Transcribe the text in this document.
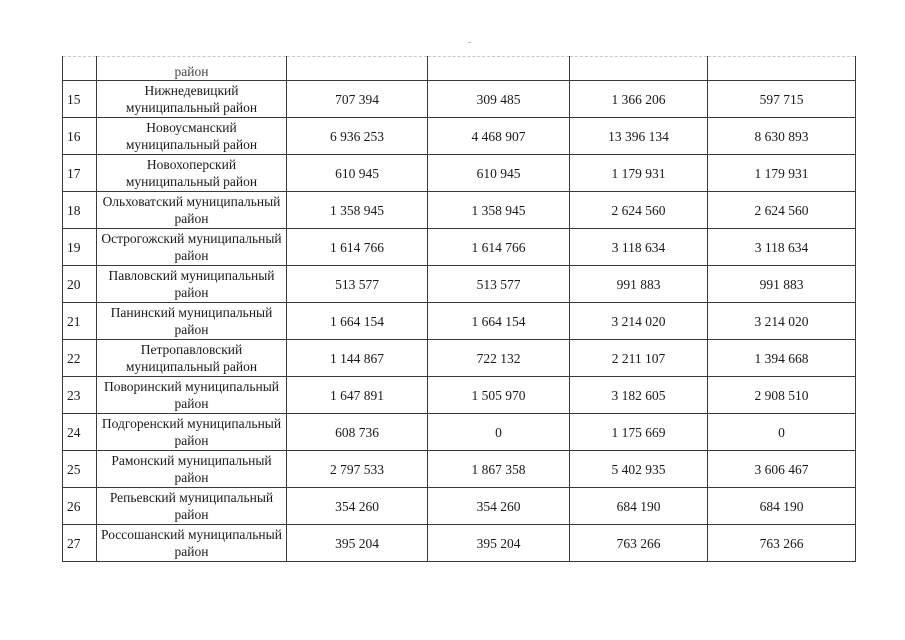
	район				
15	Нижнедевицкий муниципальный район	707 394	309 485	1 366 206	597 715
16	Новоусманский муниципальный район	6 936 253	4 468 907	13 396 134	8 630 893
17	Новохоперский муниципальный район	610 945	610 945	1 179 931	1 179 931
18	Ольховатский муниципальный район	1 358 945	1 358 945	2 624 560	2 624 560
19	Острогожский муниципальный район	1 614 766	1 614 766	3 118 634	3 118 634
20	Павловский муниципальный район	513 577	513 577	991 883	991 883
21	Панинский муниципальный район	1 664 154	1 664 154	3 214 020	3 214 020
22	Петропавловский муниципальный район	1 144 867	722 132	2 211 107	1 394 668
23	Поворинский муниципальный район	1 647 891	1 505 970	3 182 605	2 908 510
24	Подгоренский муниципальный район	608 736	0	1 175 669	0
25	Рамонский муниципальный район	2 797 533	1 867 358	5 402 935	3 606 467
26	Репьевский муниципальный район	354 260	354 260	684 190	684 190
27	Россошанский муниципальный район	395 204	395 204	763 266	763 266
